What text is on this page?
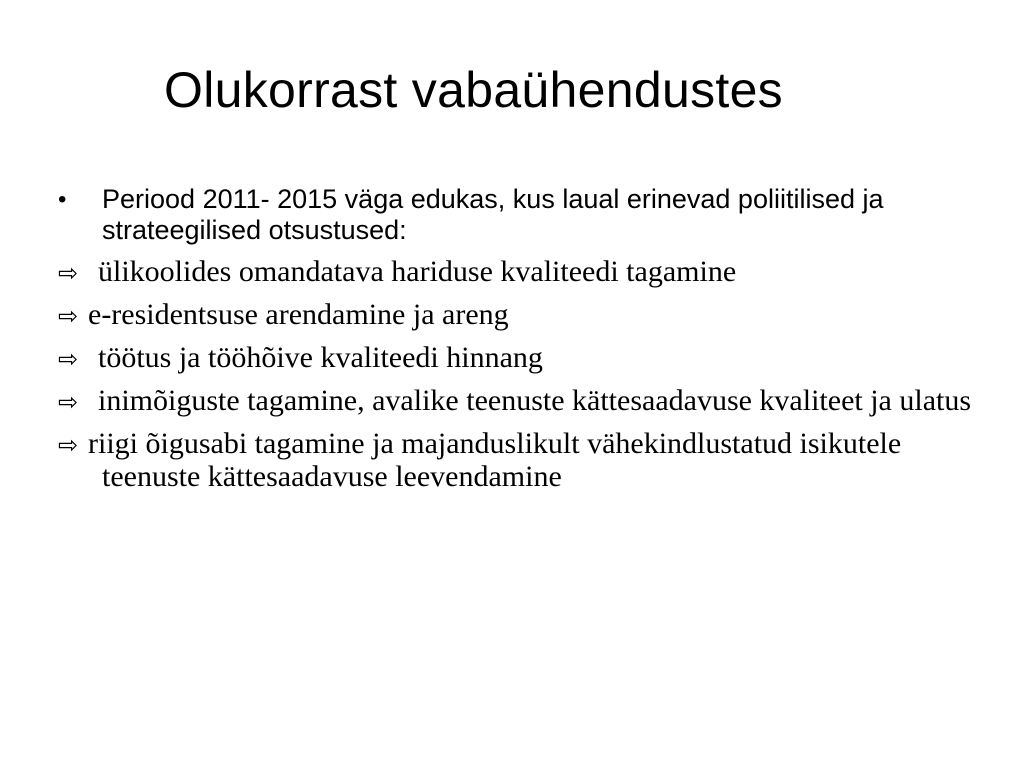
Olukorrast vabaühendustes
•	Periood 2011- 2015 väga edukas, kus laual erinevad poliitilised ja strateegilised otsustused:
⇨ ülikoolides omandatava hariduse kvaliteedi tagamine
⇨ e-residentsuse arendamine ja areng
⇨ töötus ja tööhõive kvaliteedi hinnang
⇨ inimõiguste tagamine, avalike teenuste kättesaadavuse kvaliteet ja ulatus
⇨ riigi õigusabi tagamine ja majanduslikult vähekindlustatud isikutele teenuste kättesaadavuse leevendamine
